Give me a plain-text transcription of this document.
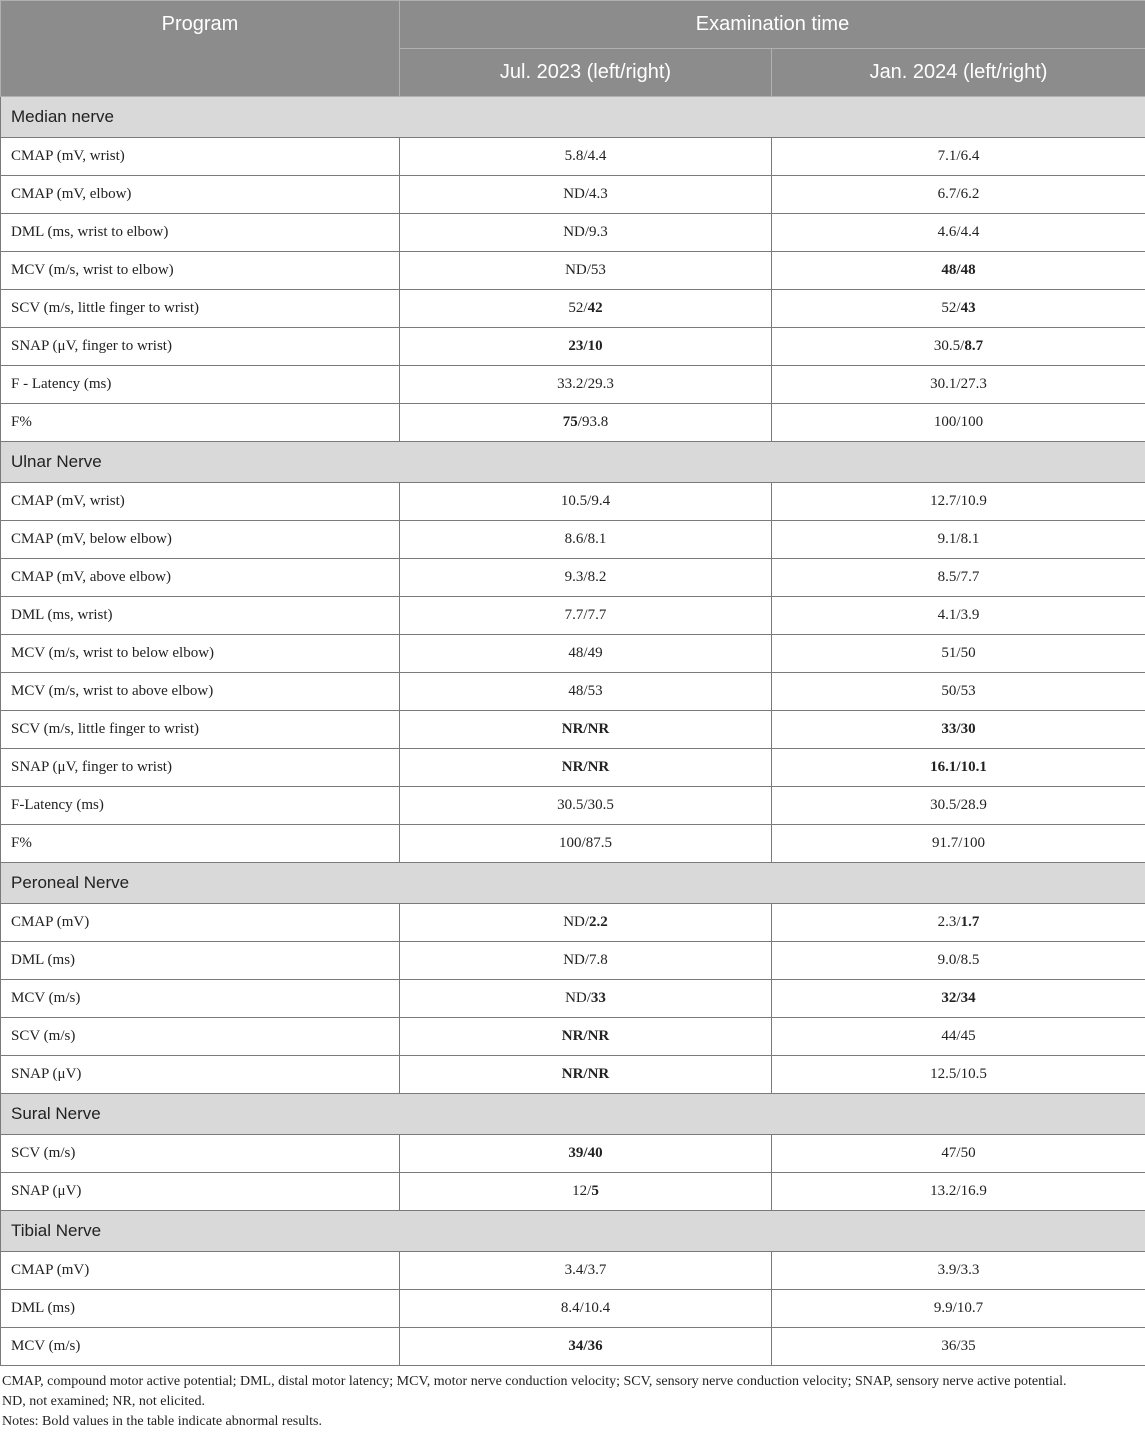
Program	Examination time	
	Jul. 2023 (left/right)	Jan. 2024 (left/right)
Median nerve		
CMAP (mV, wrist)	5.8/4.4	7.1/6.4
CMAP (mV, elbow)	ND/4.3	6.7/6.2
DML (ms, wrist to elbow)	ND/9.3	4.6/4.4
MCV (m/s, wrist to elbow)	ND/53	48/48
SCV (m/s, little finger to wrist)	52/42	52/43
SNAP (μV, finger to wrist)	23/10	30.5/8.7
F - Latency (ms)	33.2/29.3	30.1/27.3
F%	75/93.8	100/100
Ulnar Nerve		
CMAP (mV, wrist)	10.5/9.4	12.7/10.9
CMAP (mV, below elbow)	8.6/8.1	9.1/8.1
CMAP (mV, above elbow)	9.3/8.2	8.5/7.7
DML (ms, wrist)	7.7/7.7	4.1/3.9
MCV (m/s, wrist to below elbow)	48/49	51/50
MCV (m/s, wrist to above elbow)	48/53	50/53
SCV (m/s, little finger to wrist)	NR/NR	33/30
SNAP (μV, finger to wrist)	NR/NR	16.1/10.1
F-Latency (ms)	30.5/30.5	30.5/28.9
F%	100/87.5	91.7/100
Peroneal Nerve		
CMAP (mV)	ND/2.2	2.3/1.7
DML (ms)	ND/7.8	9.0/8.5
MCV (m/s)	ND/33	32/34
SCV (m/s)	NR/NR	44/45
SNAP (μV)	NR/NR	12.5/10.5
Sural Nerve		
SCV (m/s)	39/40	47/50
SNAP (μV)	12/5	13.2/16.9
Tibial Nerve		
CMAP (mV)	3.4/3.7	3.9/3.3
DML (ms)	8.4/10.4	9.9/10.7
MCV (m/s)	34/36	36/35
CMAP, compound motor active potential; DML, distal motor latency; MCV, motor nerve conduction velocity; SCV, sensory nerve conduction velocity; SNAP, sensory nerve active potential.
ND, not examined; NR, not elicited.
Notes: Bold values in the table indicate abnormal results.
